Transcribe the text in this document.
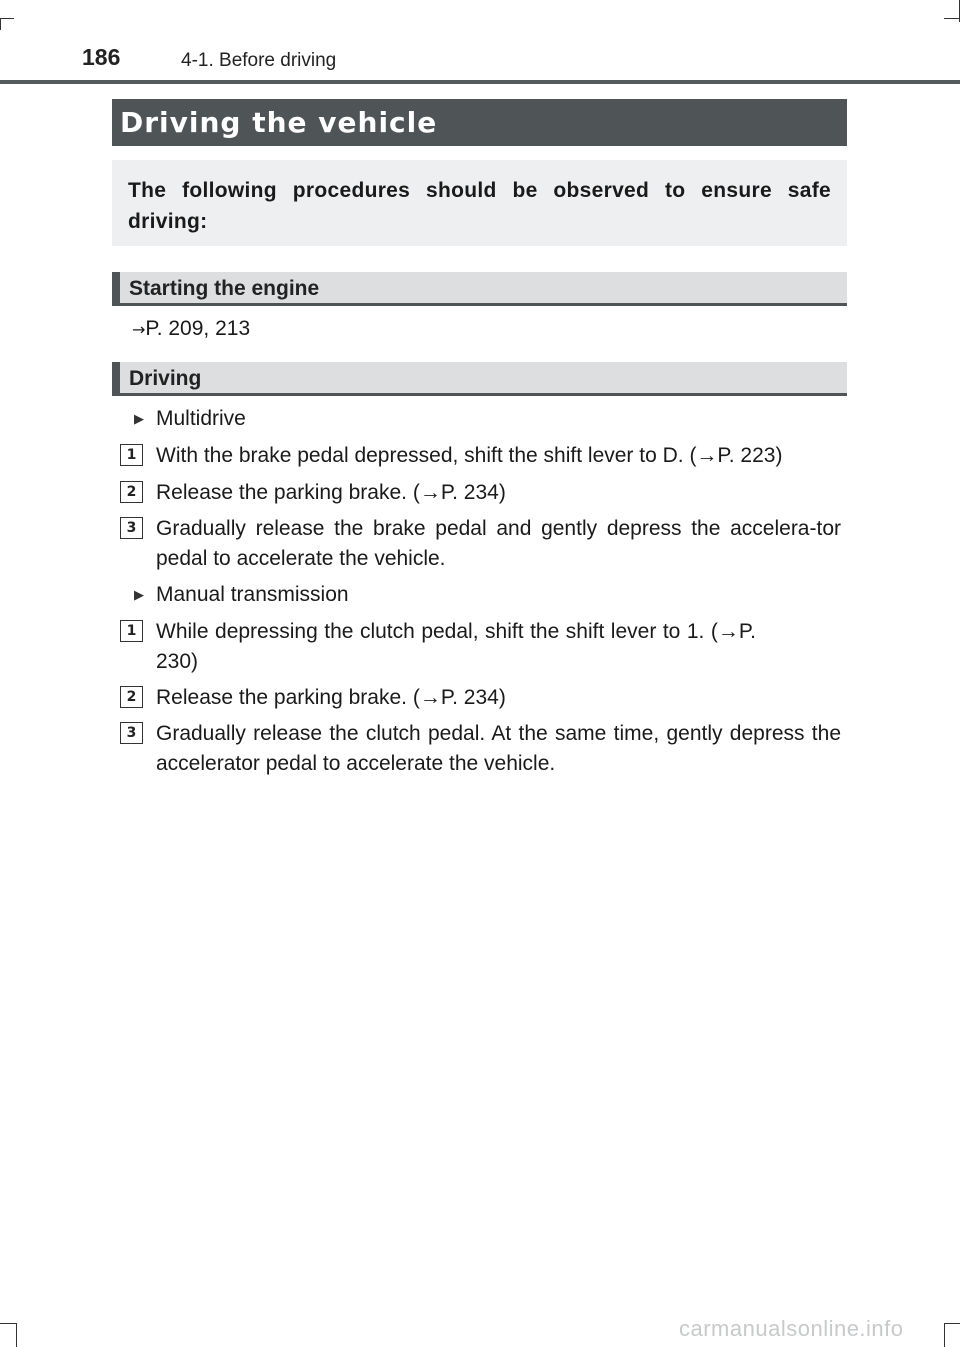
186	4-1. Before driving
Driving the vehicle
The following procedures should be observed to ensure safe driving:
Starting the engine
→P. 209, 213
Driving
▶ Multidrive
1 With the brake pedal depressed, shift the shift lever to D. (→P. 223)
2 Release the parking brake. (→P. 234)
3 Gradually release the brake pedal and gently depress the accelera-tor pedal to accelerate the vehicle.
▶ Manual transmission
1 While depressing the clutch pedal, shift the shift lever to 1. (→P. 230)
2 Release the parking brake. (→P. 234)
3 Gradually release the clutch pedal. At the same time, gently depress the accelerator pedal to accelerate the vehicle.
carmanualsonline.info
